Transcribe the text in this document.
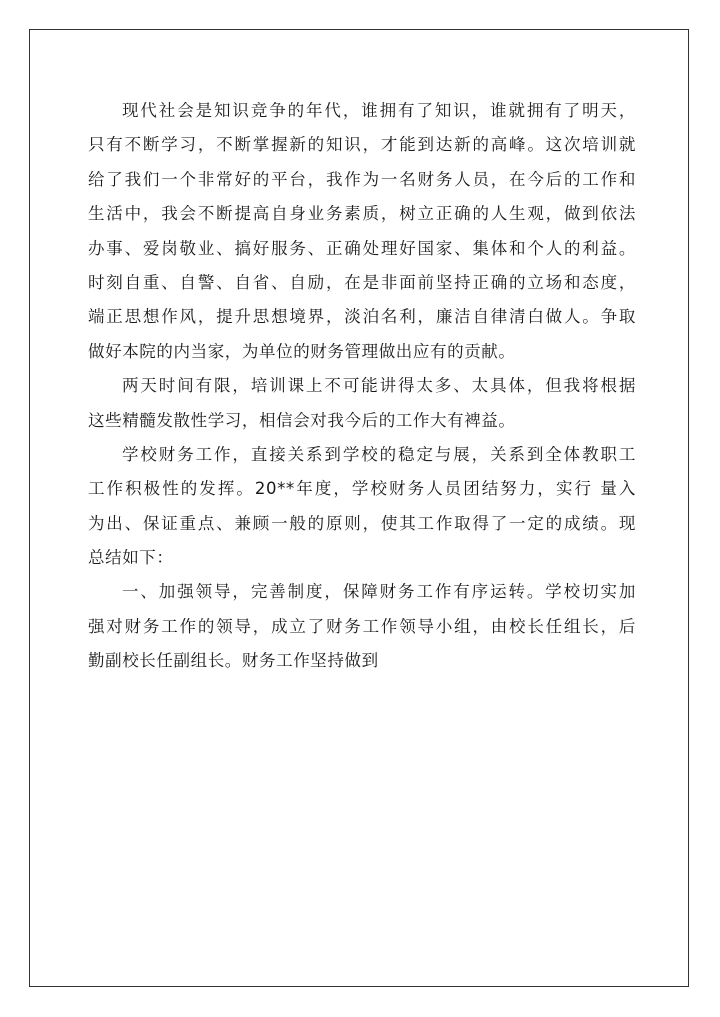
现代社会是知识竞争的年代，谁拥有了知识，谁就拥有了明天，
只有不断学习，不断掌握新的知识，才能到达新的高峰。这次培训就
给了我们一个非常好的平台，我作为一名财务人员，在今后的工作和
生活中，我会不断提高自身业务素质，树立正确的人生观，做到依法
办事、爱岗敬业、搞好服务、正确处理好国家、集体和个人的利益。
时刻自重、自警、自省、自励，在是非面前坚持正确的立场和态度，
端正思想作风，提升思想境界，淡泊名利，廉洁自律清白做人。争取
做好本院的内当家，为单位的财务管理做出应有的贡献。
两天时间有限，培训课上不可能讲得太多、太具体，但我将根据
这些精髓发散性学习，相信会对我今后的工作大有裨益。
学校财务工作，直接关系到学校的稳定与展，关系到全体教职工
工作积极性的发挥。20**年度，学校财务人员团结努力，实行 量入
为出、保证重点、兼顾一般的原则，使其工作取得了一定的成绩。现
总结如下：
一、加强领导，完善制度，保障财务工作有序运转。学校切实加
强对财务工作的领导，成立了财务工作领导小组，由校长任组长，后
勤副校长任副组长。财务工作坚持做到
